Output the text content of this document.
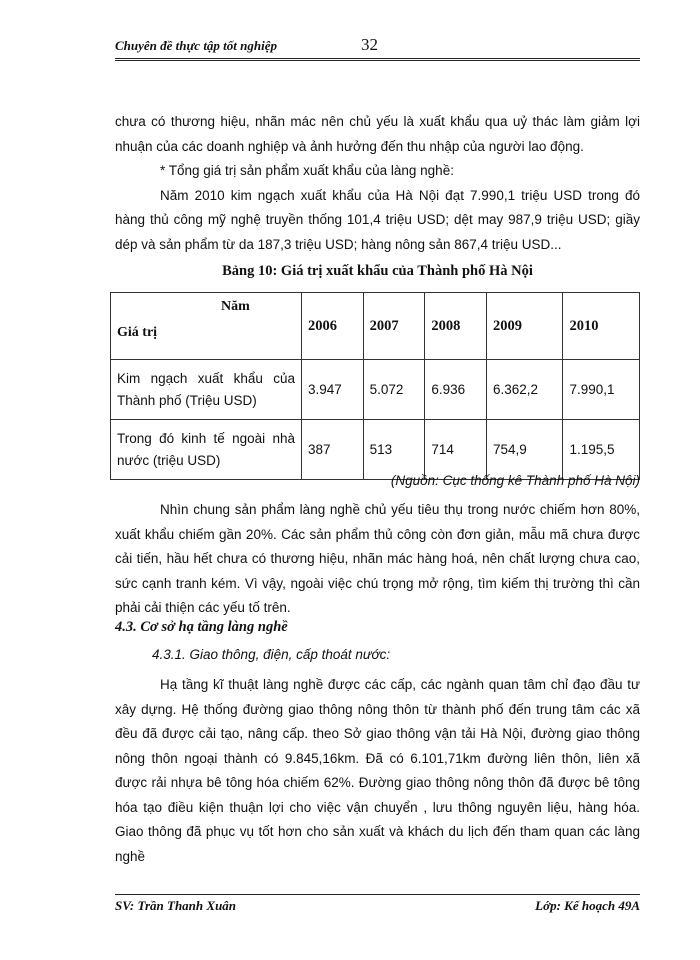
Chuyên đề thực tập tốt nghiệp	32

chưa có thương hiệu, nhãn mác nên chủ yếu là xuất khẩu qua uỷ thác làm giảm lợi nhuận của các doanh nghiệp và ảnh hưởng đến thu nhập của người lao động.

* Tổng giá trị sản phẩm xuất khẩu của làng nghề:

Năm 2010 kim ngạch xuất khẩu của Hà Nội đạt 7.990,1 triệu USD trong đó hàng thủ công mỹ nghệ truyền thống 101,4 triệu USD; dệt may 987,9 triệu USD; giầy dép và sản phẩm từ da 187,3 triệu USD; hàng nông sản 867,4 triệu USD...

Bảng 10: Giá trị xuất khẩu của Thành phố Hà Nội
Năm
Giá trị	2006	2007	2008	2009	2010
Kim ngạch xuất khẩu của Thành phố (Triệu USD)	3.947	5.072	6.936	6.362,2	7.990,1
Trong đó kinh tế ngoài nhà nước (triệu USD)	387	513	714	754,9	1.195,5
(Nguồn: Cục thống kê Thành phố Hà Nội)

Nhìn chung sản phẩm làng nghề chủ yếu tiêu thụ trong nước chiếm hơn 80%, xuất khẩu chiếm gần 20%. Các sản phẩm thủ công còn đơn giản, mẫu mã chưa được cải tiến, hầu hết chưa có thương hiệu, nhãn mác hàng hoá, nên chất lượng chưa cao, sức cạnh tranh kém. Vì vậy, ngoài việc chú trọng mở rộng, tìm kiếm thị trường thì cần phải cải thiện các yếu tố trên.

4.3. Cơ sở hạ tầng làng nghề
4.3.1. Giao thông, điện, cấp thoát nước:

Hạ tầng kĩ thuật làng nghề được các cấp, các ngành quan tâm chỉ đạo đầu tư xây dựng. Hệ thống đường giao thông nông thôn từ thành phố đến trung tâm các xã đều đã được cải tạo, nâng cấp. theo Sở giao thông vận tải Hà Nội, đường giao thông nông thôn ngoại thành có 9.845,16km. Đã có 6.101,71km đường liên thôn, liên xã được rải nhựa bê tông hóa chiếm 62%. Đường giao thông nông thôn đã được bê tông hóa tạo điều kiện thuận lợi cho việc vận chuyển , lưu thông nguyên liệu, hàng hóa. Giao thông đã phục vụ tốt hơn cho sản xuất và khách du lịch đến tham quan các làng nghề

SV: Trần Thanh Xuân	Lớp: Kế hoạch 49A
